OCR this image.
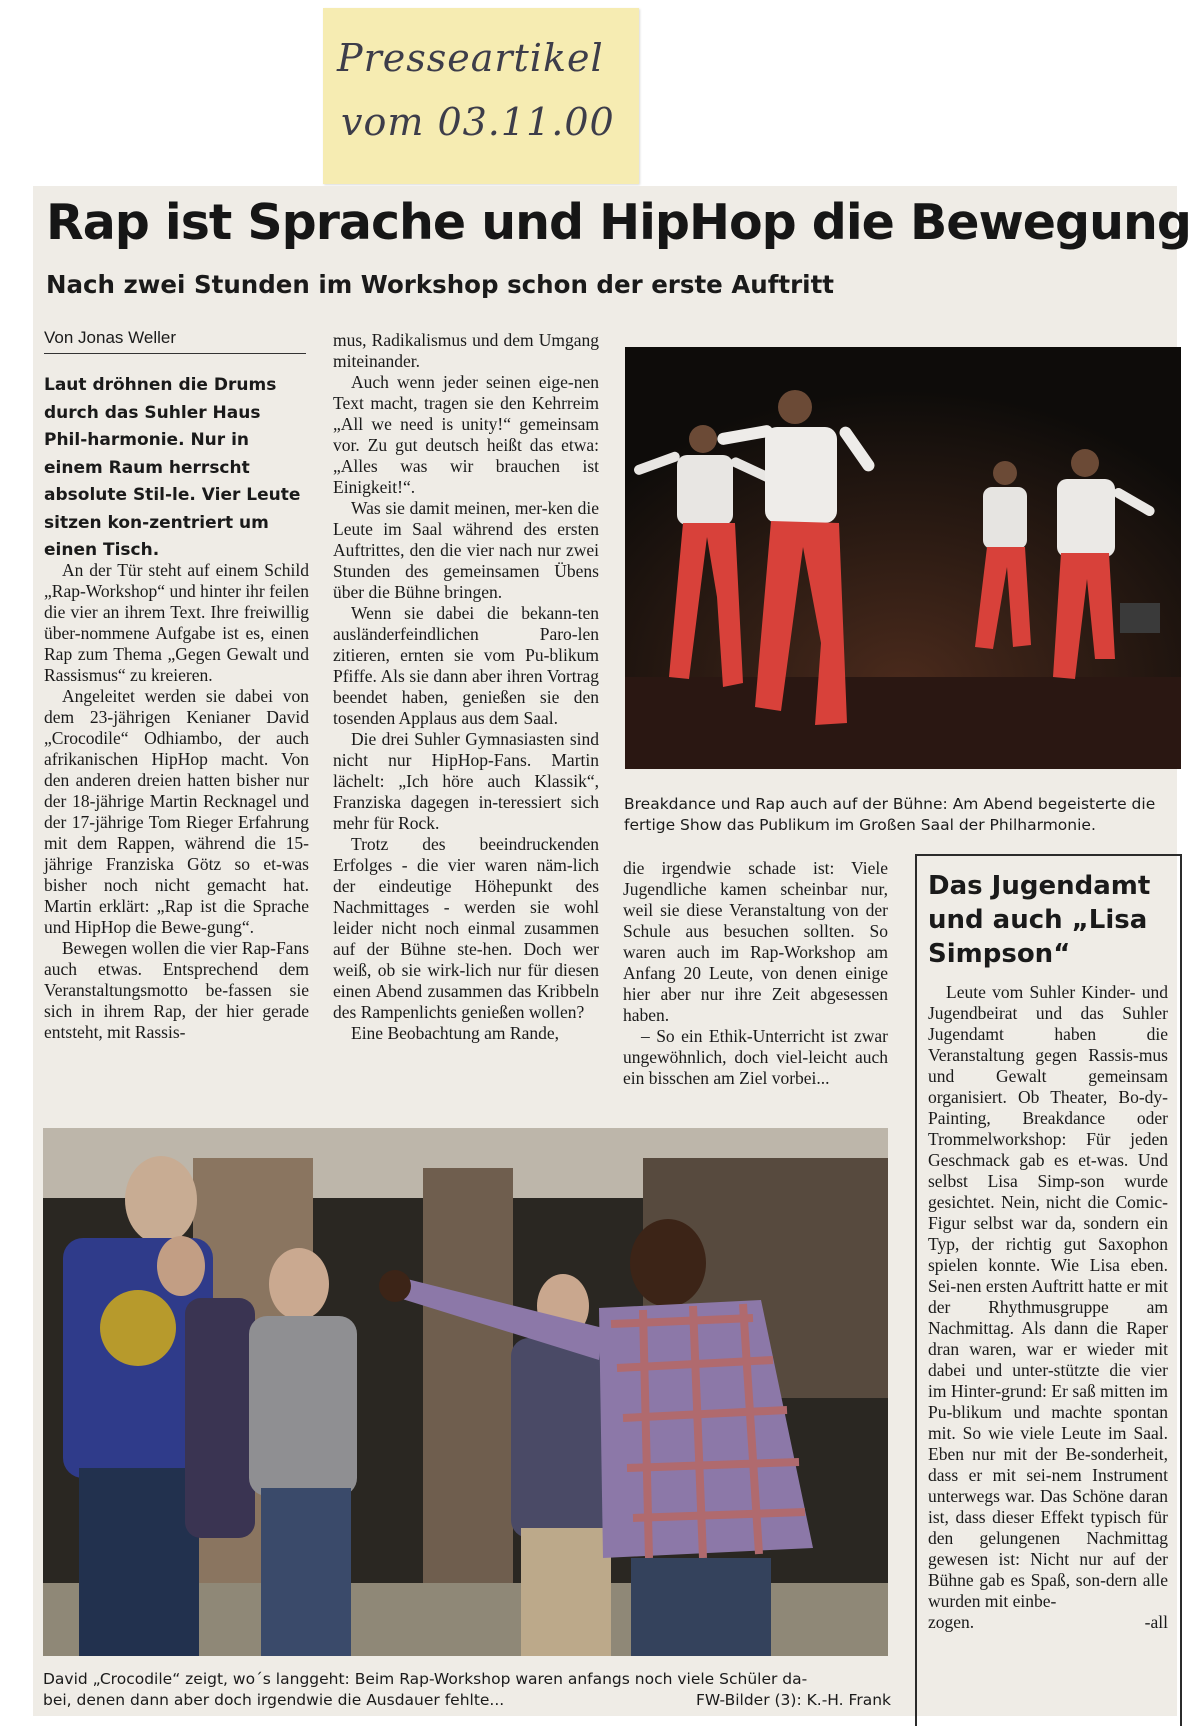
Presseartikel
vom 03.11.00
Rap ist Sprache und HipHop die Bewegung
Nach zwei Stunden im Workshop schon der erste Auftritt
Von Jonas Weller
Laut dröhnen die Drums durch das Suhler Haus Phil-harmonie. Nur in einem Raum herrscht absolute Stil-le. Vier Leute sitzen kon-zentriert um einen Tisch.

An der Tür steht auf einem Schild „Rap-Workshop“ und hinter ihr feilen die vier an ihrem Text. Ihre freiwillig über-nommene Aufgabe ist es, einen Rap zum Thema „Gegen Gewalt und Rassismus“ zu kreieren.

Angeleitet werden sie dabei von dem 23-jährigen Kenianer David „Crocodile“ Odhiambo, der auch afrikanischen HipHop macht. Von den anderen dreien hatten bisher nur der 18-jährige Martin Recknagel und der 17-jährige Tom Rieger Erfahrung mit dem Rappen, während die 15-jährige Franziska Götz so et-was bisher noch nicht gemacht hat. Martin erklärt: „Rap ist die Sprache und HipHop die Bewe-gung“.

Bewegen wollen die vier Rap-Fans auch etwas. Entsprechend dem Veranstaltungsmotto be-fassen sie sich in ihrem Rap, der hier gerade entsteht, mit Rassis-

mus, Radikalismus und dem Umgang miteinander.

Auch wenn jeder seinen eige-nen Text macht, tragen sie den Kehrreim „All we need is unity!“ gemeinsam vor. Zu gut deutsch heißt das etwa: „Alles was wir brauchen ist Einigkeit!“.

Was sie damit meinen, mer-ken die Leute im Saal während des ersten Auftrittes, den die vier nach nur zwei Stunden des gemeinsamen Übens über die Bühne bringen.

Wenn sie dabei die bekann-ten ausländerfeindlichen Paro-len zitieren, ernten sie vom Pu-blikum Pfiffe. Als sie dann aber ihren Vortrag beendet haben, genießen sie den tosenden Applaus aus dem Saal.

Die drei Suhler Gymnasiasten sind nicht nur HipHop-Fans. Martin lächelt: „Ich höre auch Klassik“, Franziska dagegen in-teressiert sich mehr für Rock.

Trotz des beeindruckenden Erfolges - die vier waren näm-lich der eindeutige Höhepunkt des Nachmittages - werden sie wohl leider nicht noch einmal zusammen auf der Bühne ste-hen. Doch wer weiß, ob sie wirk-lich nur für diesen einen Abend zusammen das Kribbeln des Rampenlichts genießen wollen?

Eine Beobachtung am Rande,

die irgendwie schade ist: Viele Jugendliche kamen scheinbar nur, weil sie diese Veranstaltung von der Schule aus besuchen sollten. So waren auch im Rap-Workshop am Anfang 20 Leute, von denen einige hier aber nur ihre Zeit abgesessen haben.

– So ein Ethik-Unterricht ist zwar ungewöhnlich, doch viel-leicht auch ein bisschen am Ziel vorbei...

Breakdance und Rap auch auf der Bühne: Am Abend begeisterte die fertige Show das Publikum im Großen Saal der Philharmonie.
David „Crocodile“ zeigt, wo´s langgeht: Beim Rap-Workshop waren anfangs noch viele Schüler da-
bei, denen dann aber doch irgendwie die Ausdauer fehlte...	FW-Bilder (3): K.-H. Frank
Das Jugendamt und auch „Lisa Simpson“

Leute vom Suhler Kinder- und Jugendbeirat und das Suhler Jugendamt haben die Veranstaltung gegen Rassis-mus und Gewalt gemeinsam organisiert. Ob Theater, Bo-dy-Painting, Breakdance oder Trommelworkshop: Für jeden Geschmack gab es et-was. Und selbst Lisa Simp-son wurde gesichtet. Nein, nicht die Comic-Figur selbst war da, sondern ein Typ, der richtig gut Saxophon spielen konnte. Wie Lisa eben. Sei-nen ersten Auftritt hatte er mit der Rhythmusgruppe am Nachmittag. Als dann die Raper dran waren, war er wieder mit dabei und unter-stützte die vier im Hinter-grund: Er saß mitten im Pu-blikum und machte spontan mit. So wie viele Leute im Saal. Eben nur mit der Be-sonderheit, dass er mit sei-nem Instrument unterwegs war. Das Schöne daran ist, dass dieser Effekt typisch für den gelungenen Nachmittag gewesen ist: Nicht nur auf der Bühne gab es Spaß, son-dern alle wurden mit einbe-

zogen.	-all
